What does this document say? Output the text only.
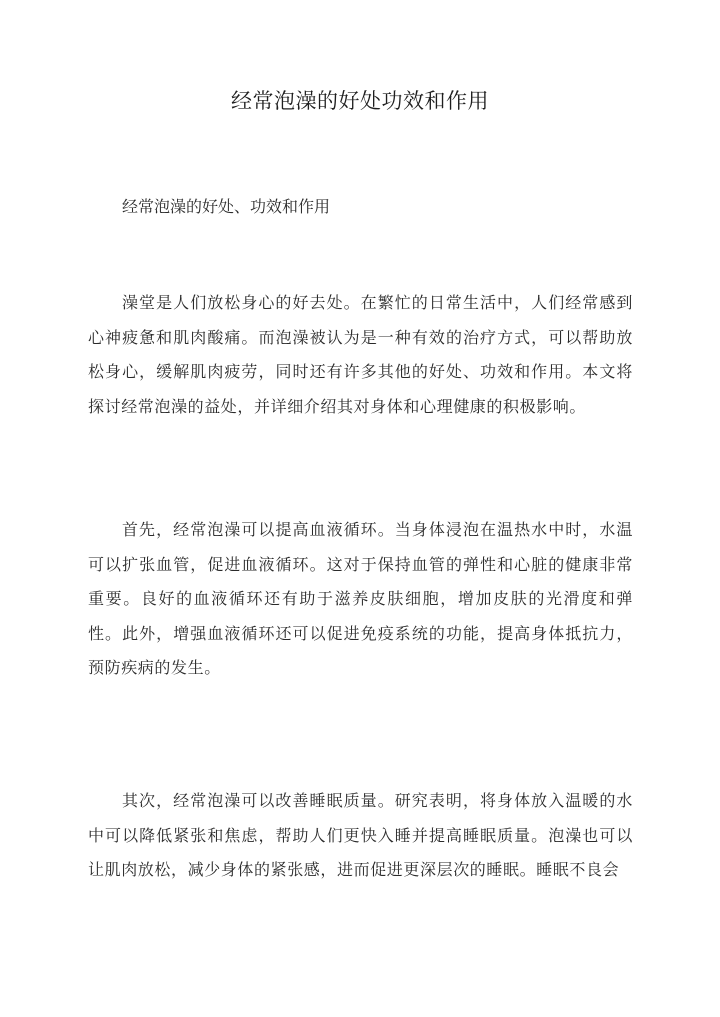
经常泡澡的好处功效和作用
经常泡澡的好处、功效和作用

澡堂是人们放松身心的好去处。在繁忙的日常生活中，人们经常感到心神疲惫和肌肉酸痛。而泡澡被认为是一种有效的治疗方式，可以帮助放松身心，缓解肌肉疲劳，同时还有许多其他的好处、功效和作用。本文将探讨经常泡澡的益处，并详细介绍其对身体和心理健康的积极影响。

首先，经常泡澡可以提高血液循环。当身体浸泡在温热水中时，水温可以扩张血管，促进血液循环。这对于保持血管的弹性和心脏的健康非常重要。良好的血液循环还有助于滋养皮肤细胞，增加皮肤的光滑度和弹性。此外，增强血液循环还可以促进免疫系统的功能，提高身体抵抗力，预防疾病的发生。

其次，经常泡澡可以改善睡眠质量。研究表明，将身体放入温暖的水中可以降低紧张和焦虑，帮助人们更快入睡并提高睡眠质量。泡澡也可以让肌肉放松，减少身体的紧张感，进而促进更深层次的睡眠。睡眠不良会
